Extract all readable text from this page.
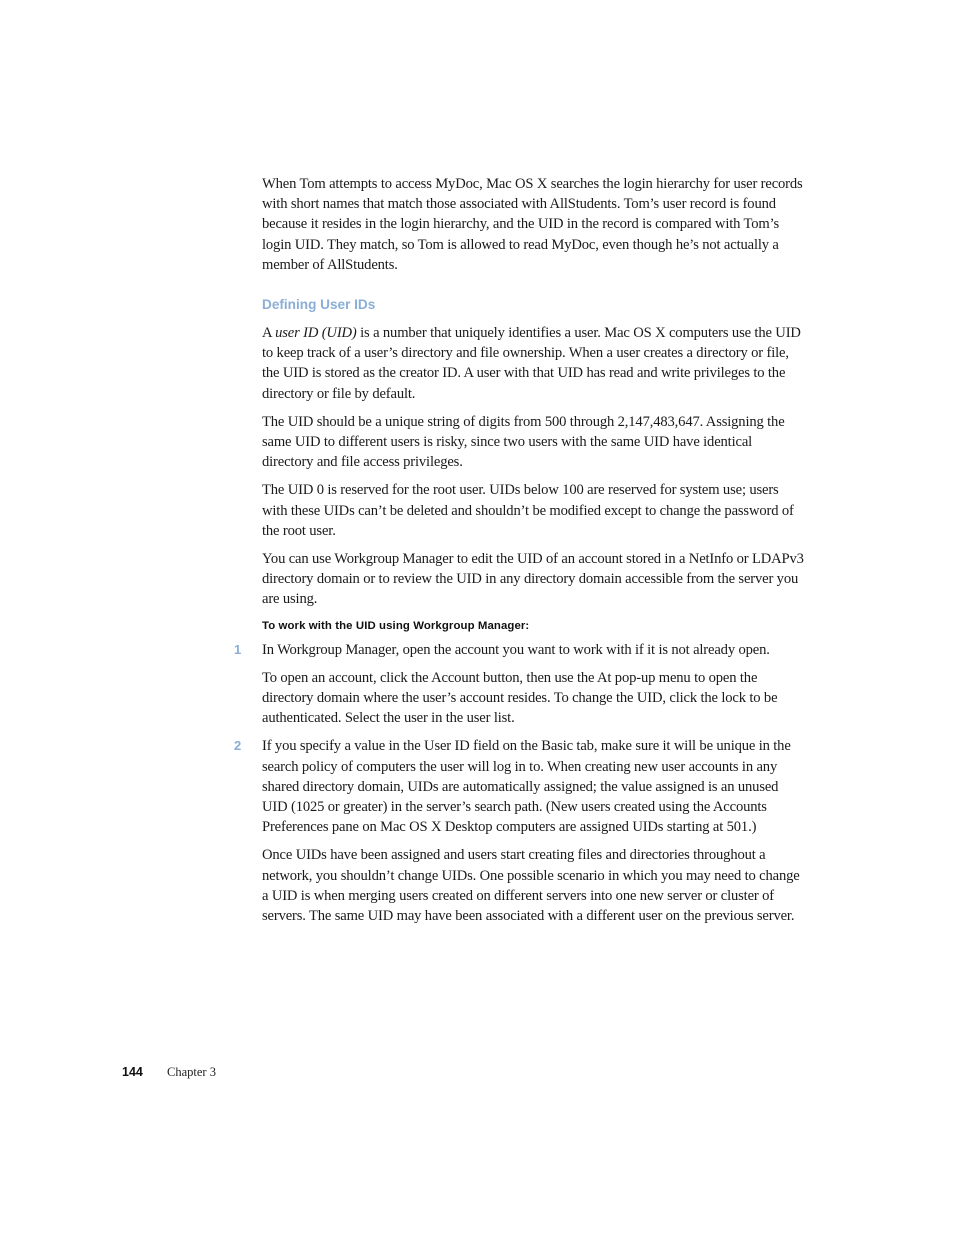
When Tom attempts to access MyDoc, Mac OS X searches the login hierarchy for user records with short names that match those associated with AllStudents. Tom’s user record is found because it resides in the login hierarchy, and the UID in the record is compared with Tom’s login UID. They match, so Tom is allowed to read MyDoc, even though he’s not actually a member of AllStudents.

Defining User IDs

A user ID (UID) is a number that uniquely identifies a user. Mac OS X computers use the UID to keep track of a user’s directory and file ownership. When a user creates a directory or file, the UID is stored as the creator ID. A user with that UID has read and write privileges to the directory or file by default.

The UID should be a unique string of digits from 500 through 2,147,483,647. Assigning the same UID to different users is risky, since two users with the same UID have identical directory and file access privileges.

The UID 0 is reserved for the root user. UIDs below 100 are reserved for system use; users with these UIDs can’t be deleted and shouldn’t be modified except to change the password of the root user.

You can use Workgroup Manager to edit the UID of an account stored in a NetInfo or LDAPv3 directory domain or to review the UID in any directory domain accessible from the server you are using.

To work with the UID using Workgroup Manager:
1	In Workgroup Manager, open the account you want to work with if it is not already open.

To open an account, click the Account button, then use the At pop-up menu to open the directory domain where the user’s account resides. To change the UID, click the lock to be authenticated. Select the user in the user list.

2	If you specify a value in the User ID field on the Basic tab, make sure it will be unique in the search policy of computers the user will log in to. When creating new user accounts in any shared directory domain, UIDs are automatically assigned; the value assigned is an unused UID (1025 or greater) in the server’s search path. (New users created using the Accounts Preferences pane on Mac OS X Desktop computers are assigned UIDs starting at 501.)

Once UIDs have been assigned and users start creating files and directories throughout a network, you shouldn’t change UIDs. One possible scenario in which you may need to change a UID is when merging users created on different servers into one new server or cluster of servers. The same UID may have been associated with a different user on the previous server.

144 Chapter 3
